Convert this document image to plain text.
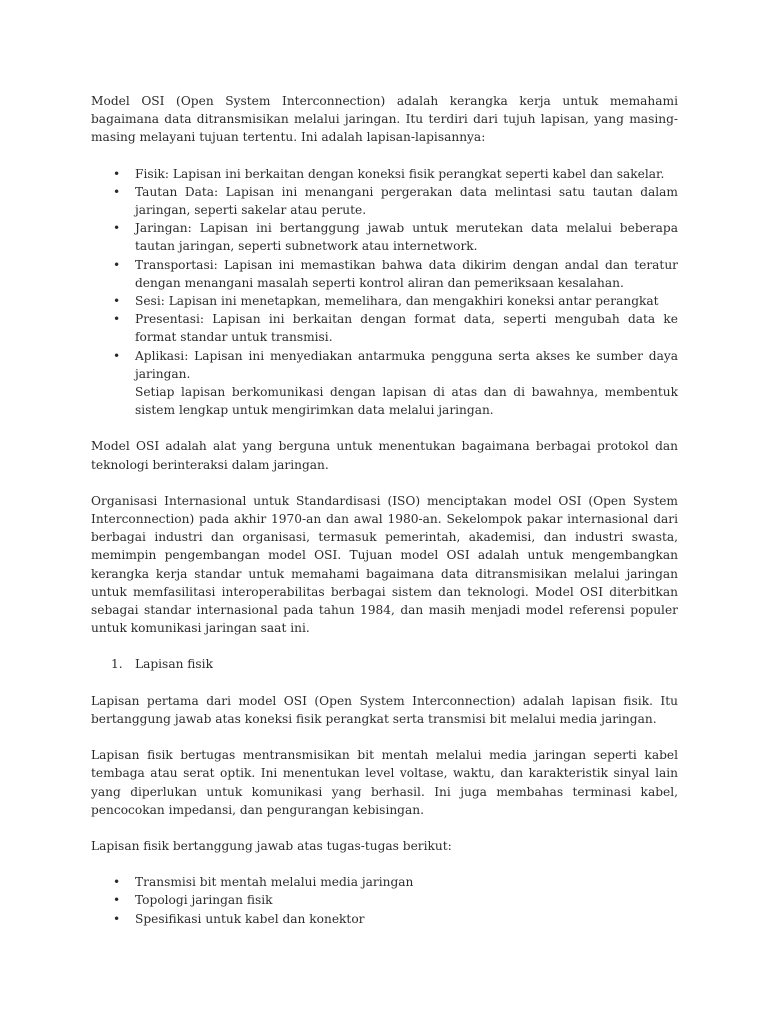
Model OSI (Open System Interconnection) adalah kerangka kerja untuk memahami bagaimana data ditransmisikan melalui jaringan. Itu terdiri dari tujuh lapisan, yang masing-masing melayani tujuan tertentu. Ini adalah lapisan-lapisannya:

• Fisik: Lapisan ini berkaitan dengan koneksi fisik perangkat seperti kabel dan sakelar.
• Tautan Data: Lapisan ini menangani pergerakan data melintasi satu tautan dalam jaringan, seperti sakelar atau perute.
• Jaringan: Lapisan ini bertanggung jawab untuk merutekan data melalui beberapa tautan jaringan, seperti subnetwork atau internetwork.
• Transportasi: Lapisan ini memastikan bahwa data dikirim dengan andal dan teratur dengan menangani masalah seperti kontrol aliran dan pemeriksaan kesalahan.
• Sesi: Lapisan ini menetapkan, memelihara, dan mengakhiri koneksi antar perangkat
• Presentasi: Lapisan ini berkaitan dengan format data, seperti mengubah data ke format standar untuk transmisi.
• Aplikasi: Lapisan ini menyediakan antarmuka pengguna serta akses ke sumber daya jaringan.
Setiap lapisan berkomunikasi dengan lapisan di atas dan di bawahnya, membentuk sistem lengkap untuk mengirimkan data melalui jaringan.

Model OSI adalah alat yang berguna untuk menentukan bagaimana berbagai protokol dan teknologi berinteraksi dalam jaringan.

Organisasi Internasional untuk Standardisasi (ISO) menciptakan model OSI (Open System Interconnection) pada akhir 1970-an dan awal 1980-an. Sekelompok pakar internasional dari berbagai industri dan organisasi, termasuk pemerintah, akademisi, dan industri swasta, memimpin pengembangan model OSI. Tujuan model OSI adalah untuk mengembangkan kerangka kerja standar untuk memahami bagaimana data ditransmisikan melalui jaringan untuk memfasilitasi interoperabilitas berbagai sistem dan teknologi. Model OSI diterbitkan sebagai standar internasional pada tahun 1984, dan masih menjadi model referensi populer untuk komunikasi jaringan saat ini.

1. Lapisan fisik

Lapisan pertama dari model OSI (Open System Interconnection) adalah lapisan fisik. Itu bertanggung jawab atas koneksi fisik perangkat serta transmisi bit melalui media jaringan.

Lapisan fisik bertugas mentransmisikan bit mentah melalui media jaringan seperti kabel tembaga atau serat optik. Ini menentukan level voltase, waktu, dan karakteristik sinyal lain yang diperlukan untuk komunikasi yang berhasil. Ini juga membahas terminasi kabel, pencocokan impedansi, dan pengurangan kebisingan.

Lapisan fisik bertanggung jawab atas tugas-tugas berikut:

• Transmisi bit mentah melalui media jaringan
• Topologi jaringan fisik
• Spesifikasi untuk kabel dan konektor
